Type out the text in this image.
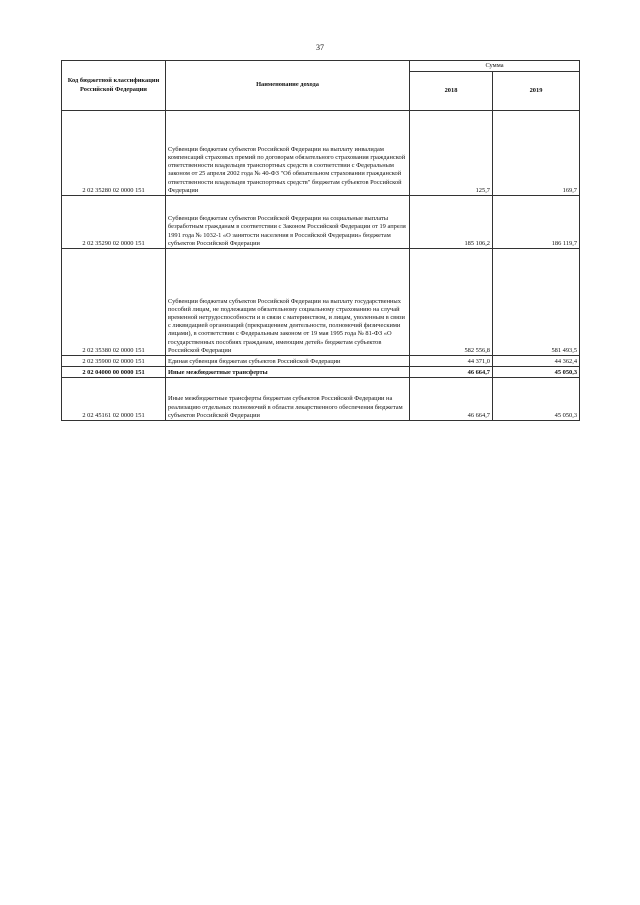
37
Код бюджетной классификации Российской Федерации	Наименование дохода	Сумма	
		2018	2019
2 02 35280 02 0000 151	Субвенции бюджетам субъектов Российской Федерации на выплату инвалидам компенсаций страховых премий по договорам обязательного страхования гражданской ответственности владельцев транспортных средств в соответствии с Федеральным законом от 25 апреля 2002 года № 40-ФЗ "Об обязательном страховании гражданской ответственности владельцев транспортных средств" бюджетам субъектов Российской Федерации	125,7	169,7
2 02 35290 02 0000 151	Субвенции бюджетам субъектов Российской Федерации на социальные выплаты безработным гражданам в соответствии с Законом Российской Федерации от 19 апреля 1991 года № 1032-1 «О занятости населения в Российской Федерации» бюджетам субъектов Российской Федерации	185 106,2	186 119,7
2 02 35380 02 0000 151	Субвенции бюджетам субъектов Российской Федерации на выплату государственных пособий лицам, не подлежащим обязательному социальному страхованию на случай временной нетрудоспособности и в связи с материнством, и лицам, уволенным в связи с ликвидацией организаций (прекращением деятельности, полномочий физическими лицами), в соответствии с Федеральным законом от 19 мая 1995 года № 81-ФЗ «О государственных пособиях гражданам, имеющим детей» бюджетам субъектов Российской Федерации	582 556,8	581 493,5
2 02 35900 02 0000 151	Единая субвенция бюджетам субъектов Российской Федерации	44 371,0	44 362,4
2 02 04000 00 0000 151	Иные межбюджетные трансферты	46 664,7	45 050,3
2 02 45161 02 0000 151	Иные межбюджетные трансферты бюджетам субъектов Российской Федерации на реализацию отдельных полномочий в области лекарственного обеспечения бюджетам субъектов Российской Федерации	46 664,7	45 050,3
